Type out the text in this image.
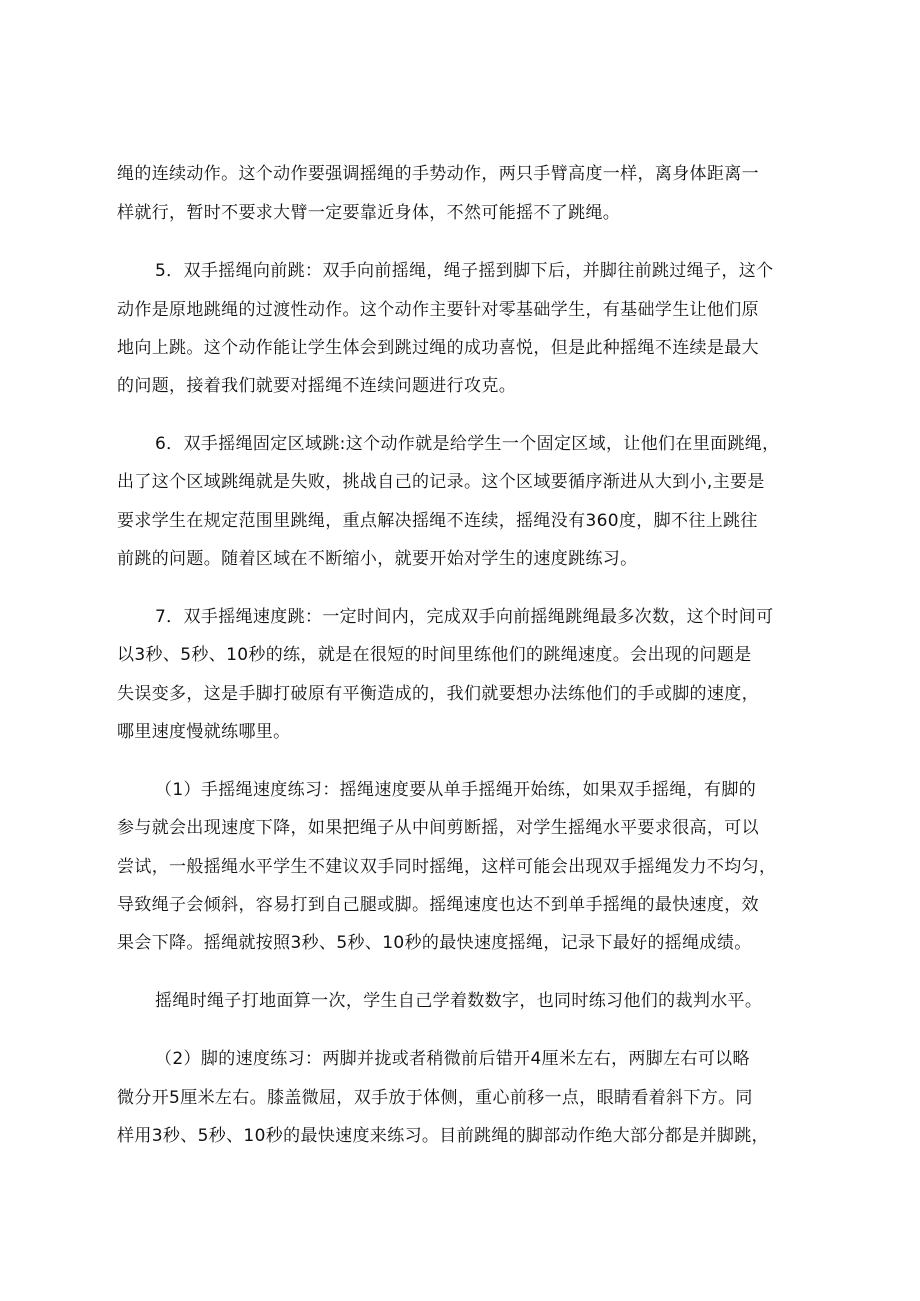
绳的连续动作。这个动作要强调摇绳的手势动作，两只手臂高度一样，离身体距离一
样就行，暂时不要求大臂一定要靠近身体，不然可能摇不了跳绳。
5．双手摇绳向前跳：双手向前摇绳，绳子摇到脚下后，并脚往前跳过绳子，这个
动作是原地跳绳的过渡性动作。这个动作主要针对零基础学生，有基础学生让他们原
地向上跳。这个动作能让学生体会到跳过绳的成功喜悦，但是此种摇绳不连续是最大
的问题，接着我们就要对摇绳不连续问题进行攻克。
6．双手摇绳固定区域跳:这个动作就是给学生一个固定区域，让他们在里面跳绳，
出了这个区域跳绳就是失败，挑战自己的记录。这个区域要循序渐进从大到小,主要是
要求学生在规定范围里跳绳，重点解决摇绳不连续，摇绳没有360度，脚不往上跳往
前跳的问题。随着区域在不断缩小，就要开始对学生的速度跳练习。
7．双手摇绳速度跳：一定时间内，完成双手向前摇绳跳绳最多次数，这个时间可
以3秒、5秒、10秒的练，就是在很短的时间里练他们的跳绳速度。会出现的问题是
失误变多，这是手脚打破原有平衡造成的，我们就要想办法练他们的手或脚的速度，
哪里速度慢就练哪里。
（1）手摇绳速度练习：摇绳速度要从单手摇绳开始练，如果双手摇绳，有脚的
参与就会出现速度下降，如果把绳子从中间剪断摇，对学生摇绳水平要求很高，可以
尝试，一般摇绳水平学生不建议双手同时摇绳，这样可能会出现双手摇绳发力不均匀，
导致绳子会倾斜，容易打到自己腿或脚。摇绳速度也达不到单手摇绳的最快速度，效
果会下降。摇绳就按照3秒、5秒、10秒的最快速度摇绳，记录下最好的摇绳成绩。
摇绳时绳子打地面算一次，学生自己学着数数字，也同时练习他们的裁判水平。
（2）脚的速度练习：两脚并拢或者稍微前后错开4厘米左右，两脚左右可以略
微分开5厘米左右。膝盖微屈，双手放于体侧，重心前移一点，眼睛看着斜下方。同
样用3秒、5秒、10秒的最快速度来练习。目前跳绳的脚部动作绝大部分都是并脚跳，
